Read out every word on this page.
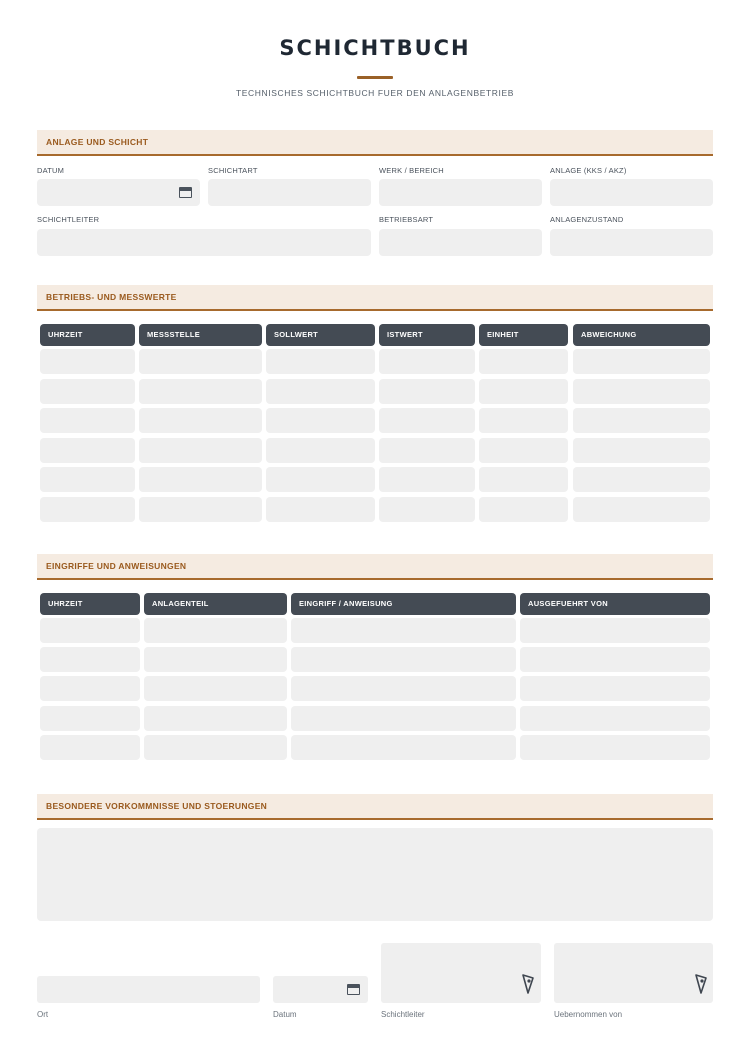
SCHICHTBUCH
TECHNISCHES SCHICHTBUCH FUER DEN ANLAGENBETRIEB
ANLAGE UND SCHICHT
DATUM	SCHICHTART	WERK / BEREICH	ANLAGE (KKS / AKZ)
SCHICHTLEITER	BETRIEBSART	ANLAGENZUSTAND
BETRIEBS- UND MESSWERTE
UHRZEIT	MESSSTELLE	SOLLWERT	ISTWERT	EINHEIT	ABWEICHUNG
EINGRIFFE UND ANWEISUNGEN
UHRZEIT	ANLAGENTEIL	EINGRIFF / ANWEISUNG	AUSGEFUEHRT VON
BESONDERE VORKOMMNISSE UND STOERUNGEN
Ort	Datum	Schichtleiter	Uebernommen von
